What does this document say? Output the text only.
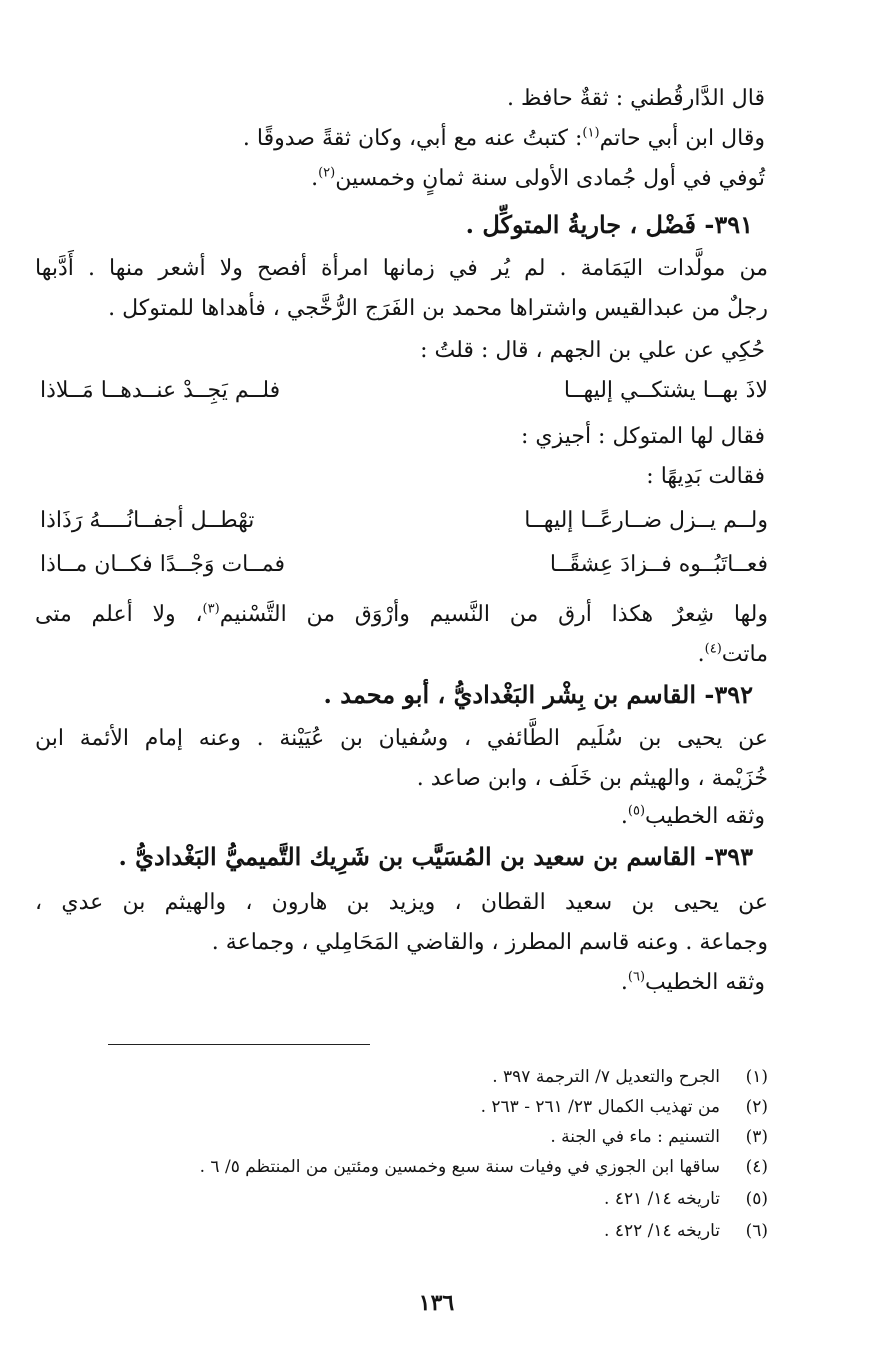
قال الدَّارقُطني : ثقةٌ حافظ .
وقال ابن أبي حاتم$^{(١)}$: كتبتُ عنه مع أبي، وكان ثقةً صدوقًا .
تُوفي في أول جُمادى الأولى سنة ثمانٍ وخمسين$^{(٢)}$.
٣٩١- فَضْل ، جاريةُ المتوكِّل .
من مولَّدات اليَمَامة . لم يُر في زمانها امرأة أفصح ولا أشعر منها . أَدَّبها
رجلٌ من عبدالقيس واشتراها محمد بن الفَرَج الرُّخَّجي ، فأهداها للمتوكل .
حُكِي عن علي بن الجهم ، قال : قلتُ :
لاذَ بهــا يشتكــي إليهــا
فلــم يَجِــدْ عنــدهــا مَــلاذا
فقال لها المتوكل : أجيزي :
فقالت بَدِيهًا :
ولــم يــزل ضــارعًــا إليهــا
تهْطــل أجفــانُــــهُ رَذَاذا
فعــاتَبُــوه فــزادَ عِشقًــا
فمــات وَجْــدًا فكــان مــاذا
ولها شِعرٌ هكذا أرق من النَّسيم وأرْوَق من التَّسْنيم$^{(٣)}$، ولا أعلم متى
ماتت$^{(٤)}$.
٣٩٢- القاسم بن بِشْر البَغْداديُّ ، أبو محمد .
عن يحيى بن سُلَيم الطَّائفي ، وسُفيان بن عُيَيْنة . وعنه إمام الأئمة ابن
خُزَيْمة ، والهيثم بن خَلَف ، وابن صاعد .
وثقه الخطيب$^{(٥)}$.
٣٩٣- القاسم بن سعيد بن المُسَيَّب بن شَرِيك التَّميميُّ البَغْداديُّ .
عن يحيى بن سعيد القطان ، ويزيد بن هارون ، والهيثم بن عدي ،
وجماعة . وعنه قاسم المطرز ، والقاضي المَحَامِلي ، وجماعة .
وثقه الخطيب$^{(٦)}$.
(١)
الجرح والتعديل ٧/ الترجمة ٣٩٧ .
(٢)
من تهذيب الكمال ٢٣/ ٢٦١ - ٢٦٣ .
(٣)
التسنيم : ماء في الجنة .
(٤)
ساقها ابن الجوزي في وفيات سنة سبع وخمسين ومئتين من المنتظم ٥/ ٦ .
(٥)
تاريخه ١٤/ ٤٢١ .
(٦)
تاريخه ١٤/ ٤٢٢ .
١٣٦
